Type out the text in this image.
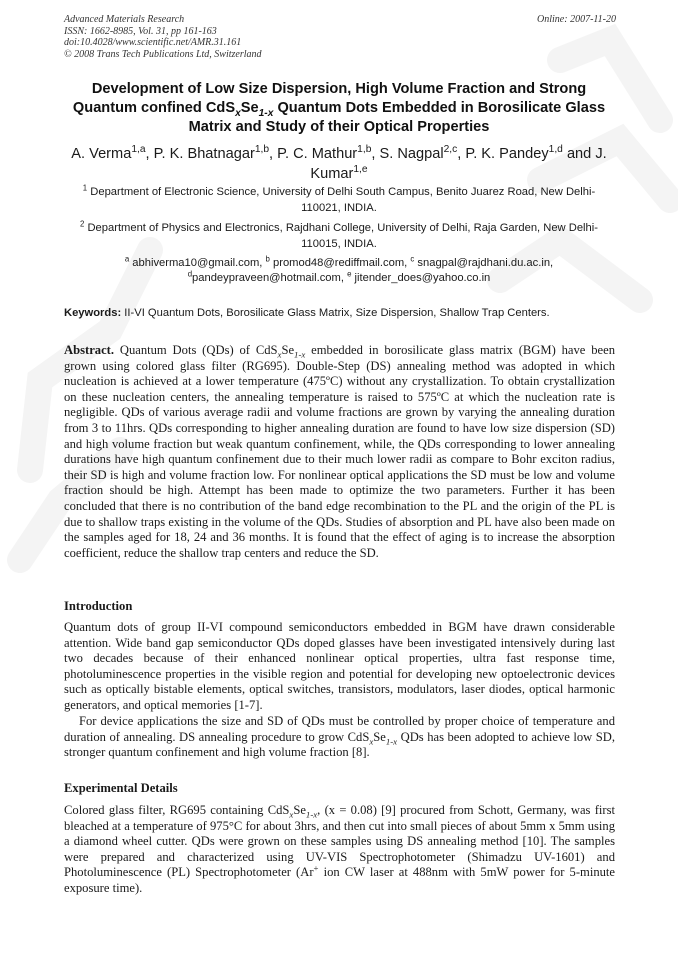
Advanced Materials Research
ISSN: 1662-8985, Vol. 31, pp 161-163
doi:10.4028/www.scientific.net/AMR.31.161
© 2008 Trans Tech Publications Ltd, Switzerland
Online: 2007-11-20
Development of Low Size Dispersion, High Volume Fraction and Strong Quantum confined $CdS_xSe_{1-x}$ Quantum Dots Embedded in Borosilicate Glass Matrix and Study of their Optical Properties
A. Verma$^{1,a}$, P. K. Bhatnagar$^{1,b}$, P. C. Mathur$^{1,b}$, S. Nagpal$^{2,c}$, P. K. Pandey$^{1,d}$ and J. Kumar$^{1,e}$
$^1$ Department of Electronic Science, University of Delhi South Campus, Benito Juarez Road, New Delhi-110021, INDIA.
$^2$ Department of Physics and Electronics, Rajdhani College, University of Delhi, Raja Garden, New Delhi-110015, INDIA.
$^a$ abhiverma10@gmail.com, $^b$ promod48@rediffmail.com, $^c$ snagpal@rajdhani.du.ac.in,
$^d$pandeypraveen@hotmail.com, $^e$ jitender_does@yahoo.co.in
Keywords: II-VI Quantum Dots, Borosilicate Glass Matrix, Size Dispersion, Shallow Trap Centers.
Abstract. Quantum Dots (QDs) of $CdS_xSe_{1-x}$ embedded in borosilicate glass matrix (BGM) have been grown using colored glass filter (RG695). Double-Step (DS) annealing method was adopted in which nucleation is achieved at a lower temperature (475ºC) without any crystallization. To obtain crystallization on these nucleation centers, the annealing temperature is raised to 575ºC at which the nucleation rate is negligible. QDs of various average radii and volume fractions are grown by varying the annealing duration from 3 to 11hrs. QDs corresponding to higher annealing duration are found to have low size dispersion (SD) and high volume fraction but weak quantum confinement, while, the QDs corresponding to lower annealing durations have high quantum confinement due to their much lower radii as compare to Bohr exciton radius, their SD is high and volume fraction low. For nonlinear optical applications the SD must be low and volume fraction should be high. Attempt has been made to optimize the two parameters. Further it has been concluded that there is no contribution of the band edge recombination to the PL and the origin of the PL is due to shallow traps existing in the volume of the QDs. Studies of absorption and PL have also been made on the samples aged for 18, 24 and 36 months. It is found that the effect of aging is to increase the absorption coefficient, reduce the shallow trap centers and reduce the SD.
Introduction
Quantum dots of group II-VI compound semiconductors embedded in BGM have drawn considerable attention. Wide band gap semiconductor QDs doped glasses have been investigated intensively during last two decades because of their enhanced nonlinear optical properties, ultra fast response time, photoluminescence properties in the visible region and potential for developing new optoelectronic devices such as optically bistable elements, optical switches, transistors, modulators, laser diodes, optical harmonic generators, and optical memories [1-7].
For device applications the size and SD of QDs must be controlled by proper choice of temperature and duration of annealing. DS annealing procedure to grow $CdS_xSe_{1-x}$ QDs has been adopted to achieve low SD, stronger quantum confinement and high volume fraction [8].
Experimental Details
Colored glass filter, RG695 containing $CdS_xSe_{1-x}$, (x = 0.08) [9] procured from Schott, Germany, was first bleached at a temperature of 975°C for about 3hrs, and then cut into small pieces of about 5mm x 5mm using a diamond wheel cutter. QDs were grown on these samples using DS annealing method [10]. The samples were prepared and characterized using UV-VIS Spectrophotometer (Shimadzu UV-1601) and Photoluminescence (PL) Spectrophotometer (Ar+ ion CW laser at 488nm with 5mW power for 5-minute exposure time).
